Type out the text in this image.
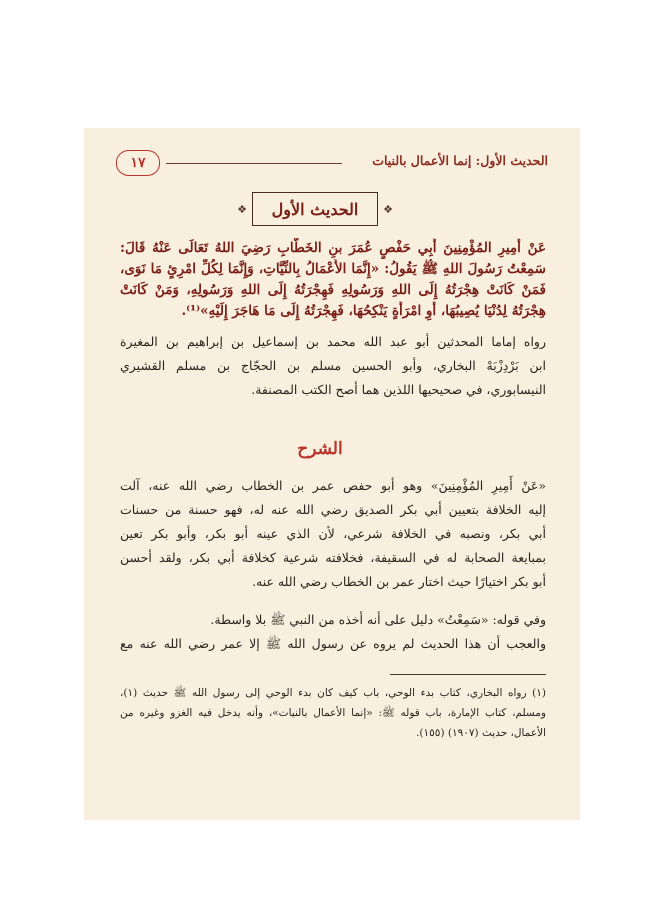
١٧	الحديث الأول: إنما الأعمال بالنيات
❖	الحديث الأول	❖
عَنْ أَمِيرِ المُؤْمِنِينَ أَبِي حَفْصٍ عُمَرَ بنِ الخَطَّابِ رَضِيَ اللهُ تَعَالَى عَنْهُ قَالَ:
سَمِعْتُ رَسُولَ اللهِ ﷺ يَقُولُ: «إِنَّمَا الأَعْمَالُ بِالنِّيَّاتِ، وَإِنَّمَا لِكُلِّ امْرِئٍ مَا نَوَى،
فَمَنْ كَانَتْ هِجْرَتُهُ إِلَى اللهِ وَرَسُولِهِ فَهِجْرَتُهُ إِلَى اللهِ وَرَسُولِهِ، وَمَنْ كَانَتْ
هِجْرَتُهُ لِدُنْيَا يُصِيبُهَا، أَوِ امْرَأَةٍ يَنْكِحُهَا، فَهِجْرَتُهُ إِلَى مَا هَاجَرَ إِلَيْهِ»⁽¹⁾.
رواه إماما المحدثين أبو عبد الله محمد بن إسماعيل بن إبراهيم بن المغيرة
ابن بَرْدِزْبَهْ البخاري، وأبو الحسين مسلم بن الحجّاج بن مسلم القشيري
النيسابوري، في صحيحيها اللذين هما أصح الكتب المصنفة.
الشرح
«عَنْ أَمِيرِ المُؤْمِنِينَ» وهو أبو حفص عمر بن الخطاب رضي الله عنه، آلت
إليه الخلافة بتعيين أبي بكر الصديق رضي الله عنه له، فهو حسنة من حسنات
أبي بكر، ونصبه في الخلافة شرعي، لأن الذي عينه أبو بكر، وأبو بكر تعين
بمبايعة الصحابة له في السقيفة، فخلافته شرعية كخلافة أبي بكر، ولقد أحسن
أبو بكر اختيارًا حيث اختار عمر بن الخطاب رضي الله عنه.
وفي قوله: «سَمِعْتُ» دليل على أنه أخذه من النبي ﷺ بلا واسطة.
والعجب أن هذا الحديث لم يروه عن رسول الله ﷺ إلا عمر رضي الله عنه مع
(١) رواه البخاري، كتاب بدء الوحي، باب كيف كان بدء الوحي إلى رسول الله ﷺ حديث (١)،
ومسلم، كتاب الإمارة، باب قوله ﷺ: «إنما الأعمال بالنيات»، وأنه يدخل فيه الغزو وغيره من
الأعمال، حديث (١٩٠٧) (١٥٥).
